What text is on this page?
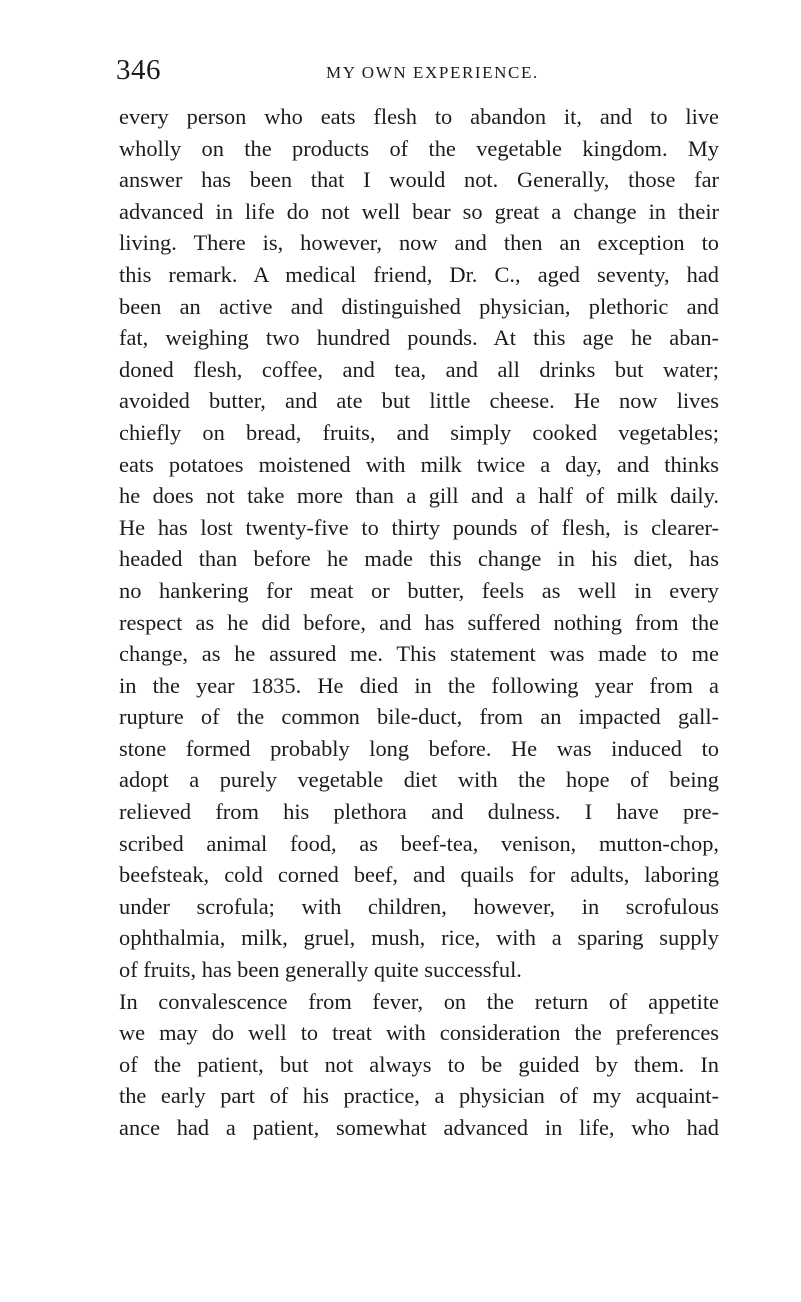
346	MY OWN EXPERIENCE.
every person who eats flesh to abandon it, and to live
wholly on the products of the vegetable kingdom. My
answer has been that I would not. Generally, those far
advanced in life do not well bear so great a change in their
living. There is, however, now and then an exception to
this remark. A medical friend, Dr. C., aged seventy, had
been an active and distinguished physician, plethoric and
fat, weighing two hundred pounds. At this age he aban-
doned flesh, coffee, and tea, and all drinks but water;
avoided butter, and ate but little cheese. He now lives
chiefly on bread, fruits, and simply cooked vegetables;
eats potatoes moistened with milk twice a day, and thinks
he does not take more than a gill and a half of milk daily.
He has lost twenty-five to thirty pounds of flesh, is clearer-
headed than before he made this change in his diet, has
no hankering for meat or butter, feels as well in every
respect as he did before, and has suffered nothing from the
change, as he assured me. This statement was made to me
in the year 1835. He died in the following year from a
rupture of the common bile-duct, from an impacted gall-
stone formed probably long before. He was induced to
adopt a purely vegetable diet with the hope of being
relieved from his plethora and dulness. I have pre-
scribed animal food, as beef-tea, venison, mutton-chop,
beefsteak, cold corned beef, and quails for adults, laboring
under scrofula; with children, however, in scrofulous
ophthalmia, milk, gruel, mush, rice, with a sparing supply
of fruits, has been generally quite successful.
In convalescence from fever, on the return of appetite
we may do well to treat with consideration the preferences
of the patient, but not always to be guided by them. In
the early part of his practice, a physician of my acquaint-
ance had a patient, somewhat advanced in life, who had
